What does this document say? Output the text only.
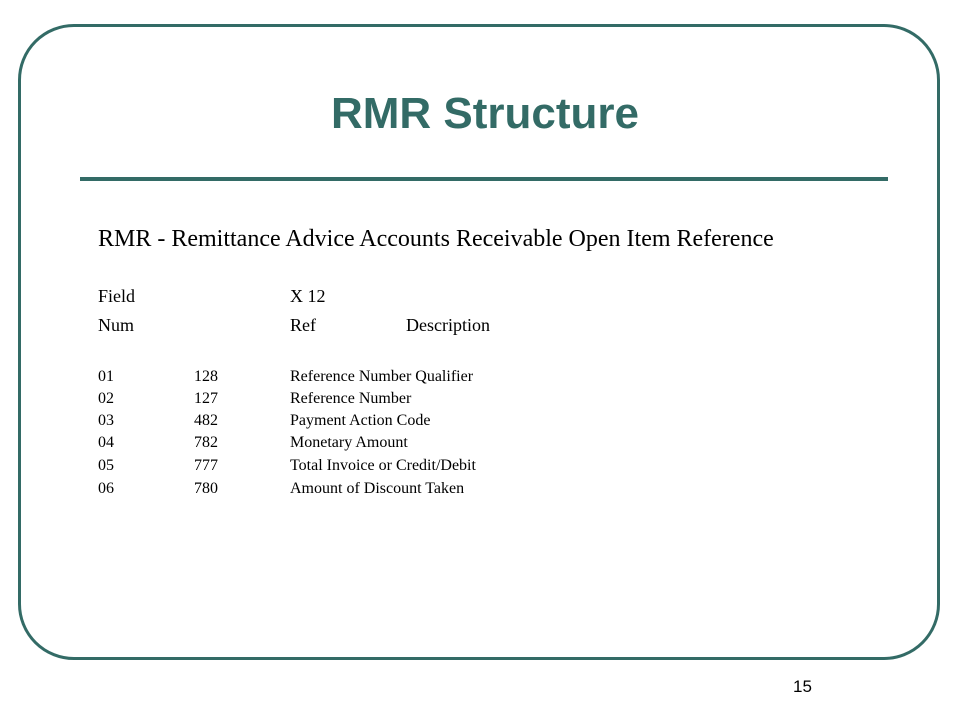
RMR Structure
RMR - Remittance Advice Accounts Receivable Open Item Reference
Field	X 12
Num	Ref	Description
01	128	Reference Number Qualifier
02	127	Reference Number
03	482	Payment Action Code
04	782	Monetary Amount
05	777	Total Invoice or Credit/Debit
06	780	Amount of Discount Taken
15
